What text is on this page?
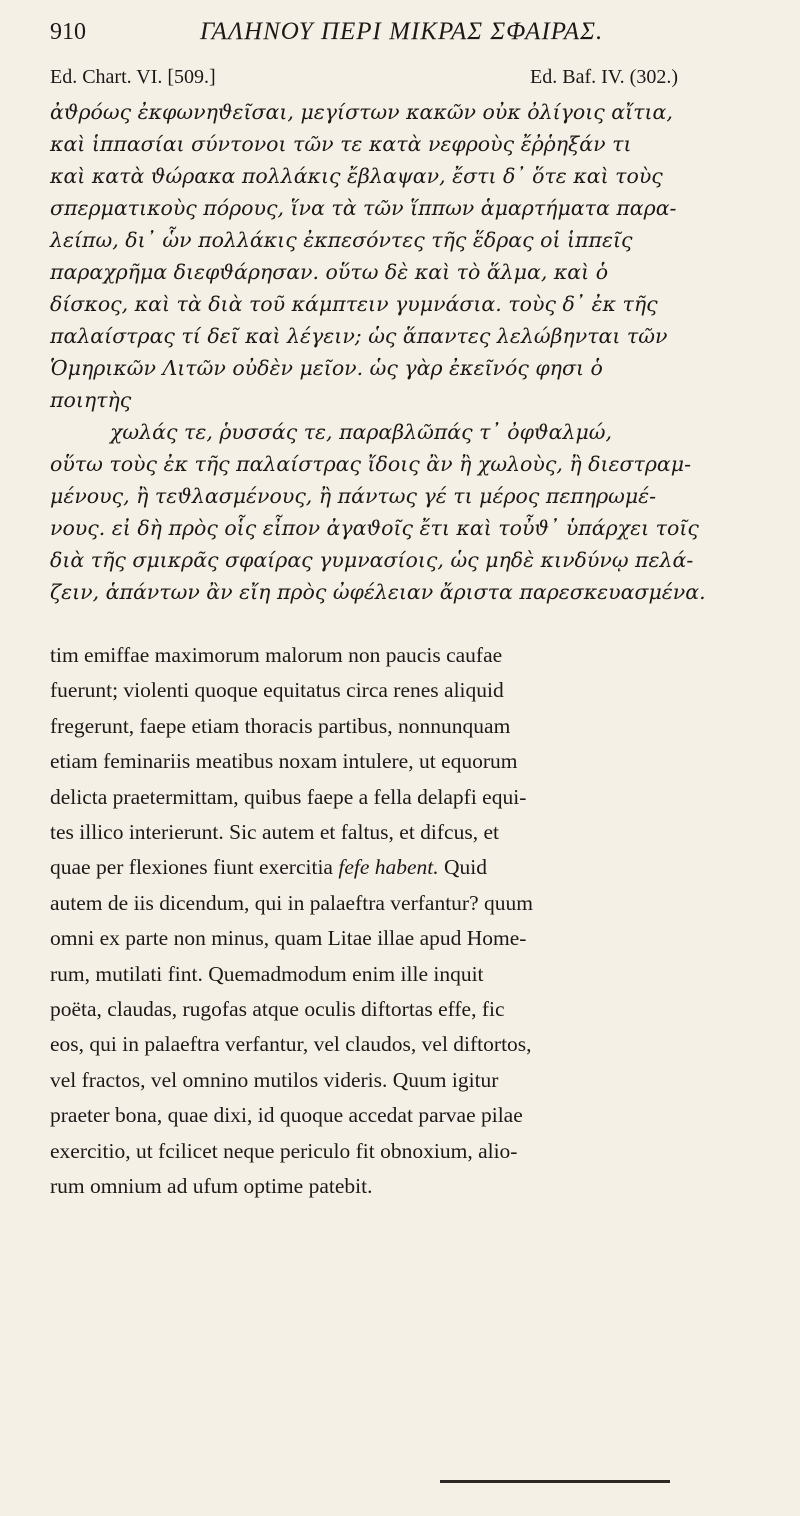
910	ΓΑΛΗΝΟΥ ΠΕΡΙ ΜΙΚΡΑΣ ΣΦΑΙΡΑΣ.
Ed. Chart. VI. [509.]	Ed. Baf. IV. (302.)
ἀϑρόως ἐκφωνηϑεῖσαι, μεγίστων κακῶν οὐκ ὀλίγοις αἴτια,
καὶ ἱππασίαι σύντονοι τῶν τε κατὰ νεφροὺς ἔῤῥηξάν τι
καὶ κατὰ ϑώρακα πολλάκις ἔβλαψαν, ἔστι δ᾽ ὅτε καὶ τοὺς
σπερματικοὺς πόρους, ἵνα τὰ τῶν ἵππων ἁμαρτήματα παρα-
λείπω, δι᾽ ὧν πολλάκις ἐκπεσόντες τῆς ἕδρας οἱ ἱππεῖς
παραχρῆμα διεφϑάρησαν. οὕτω δὲ καὶ τὸ ἅλμα, καὶ ὁ
δίσκος, καὶ τὰ διὰ τοῦ κάμπτειν γυμνάσια. τοὺς δ᾽ ἐκ τῆς
παλαίστρας τί δεῖ καὶ λέγειν; ὡς ἅπαντες λελώβηνται τῶν
Ὁμηρικῶν Λιτῶν οὐδὲν μεῖον. ὡς γὰρ ἐκεῖνός φησι ὁ
ποιητὴς
χωλάς τε, ῥυσσάς τε, παραβλῶπάς τ᾽ ὀφϑαλμώ,
οὕτω τοὺς ἐκ τῆς παλαίστρας ἴδοις ἂν ἢ χωλοὺς, ἢ διεστραμ-
μένους, ἢ τεϑλασμένους, ἢ πάντως γέ τι μέρος πεπηρωμέ-
νους. εἰ δὴ πρὸς οἷς εἶπον ἀγαϑοῖς ἔτι καὶ τοὖϑ᾽ ὑπάρχει τοῖς
διὰ τῆς σμικρᾶς σφαίρας γυμνασίοις, ὡς μηδὲ κινδύνῳ πελά-
ζειν, ἁπάντων ἂν εἴη πρὸς ὠφέλειαν ἄριστα παρεσκευασμένα.
tim emiffae maximorum malorum non paucis caufae
fuerunt; violenti quoque equitatus circa renes aliquid
fregerunt, faepe etiam thoracis partibus, nonnunquam
etiam feminariis meatibus noxam intulere, ut equorum
delicta praetermittam, quibus faepe a fella delapfi equi-
tes illico interierunt. Sic autem et faltus, et difcus, et
quae per flexiones fiunt exercitia fefe habent. Quid
autem de iis dicendum, qui in palaeftra verfantur? quum
omni ex parte non minus, quam Litae illae apud Home-
rum, mutilati fint. Quemadmodum enim ille inquit
poëta, claudas, rugofas atque oculis diftortas effe, fic
eos, qui in palaeftra verfantur, vel claudos, vel diftortos,
vel fractos, vel omnino mutilos videris. Quum igitur
praeter bona, quae dixi, id quoque accedat parvae pilae
exercitio, ut fcilicet neque periculo fit obnoxium, alio-
rum omnium ad ufum optime patebit.
